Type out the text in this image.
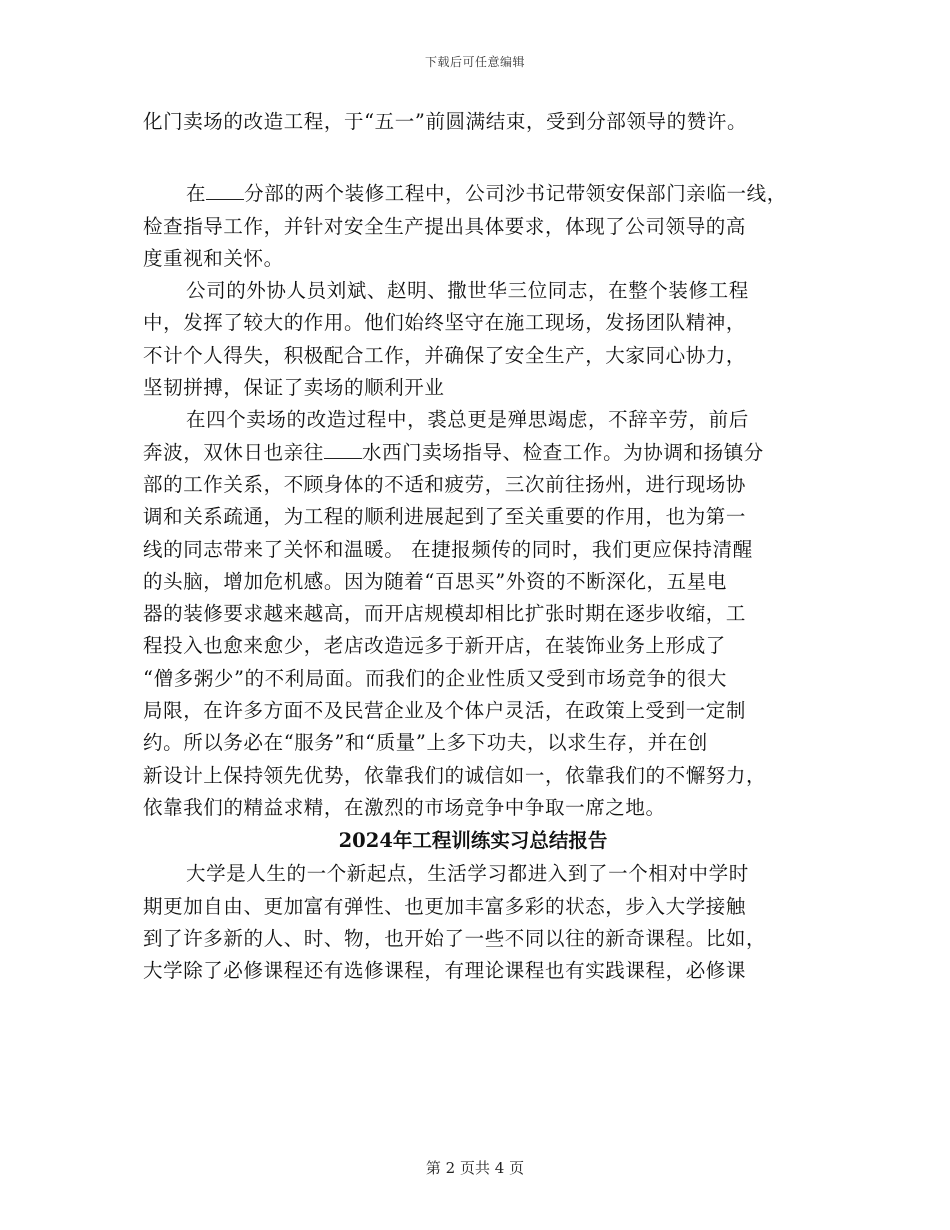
下载后可任意编辑
化门卖场的改造工程，于“五一”前圆满结束，受到分部领导的赞许。
在 分部的两个装修工程中，公司沙书记带领安保部门亲临一线，
检查指导工作，并针对安全生产提出具体要求，体现了公司领导的高
度重视和关怀。
公司的外协人员刘斌、赵明、撒世华三位同志，在整个装修工程
中，发挥了较大的作用。他们始终坚守在施工现场，发扬团队精神，
不计个人得失，积极配合工作，并确保了安全生产，大家同心协力，
坚韧拼搏，保证了卖场的顺利开业
在四个卖场的改造过程中，裘总更是殚思竭虑，不辞辛劳，前后
奔波，双休日也亲往 水西门卖场指导、检查工作。为协调和扬镇分
部的工作关系，不顾身体的不适和疲劳，三次前往扬州，进行现场协
调和关系疏通，为工程的顺利进展起到了至关重要的作用，也为第一
线的同志带来了关怀和温暖。 在捷报频传的同时，我们更应保持清醒
的头脑，增加危机感。因为随着“百思买”外资的不断深化，五星电
器的装修要求越来越高，而开店规模却相比扩张时期在逐步收缩，工
程投入也愈来愈少，老店改造远多于新开店，在装饰业务上形成了
“僧多粥少”的不利局面。而我们的企业性质又受到市场竞争的很大
局限，在许多方面不及民营企业及个体户灵活，在政策上受到一定制
约。所以务必在“服务”和“质量”上多下功夫，以求生存，并在创
新设计上保持领先优势，依靠我们的诚信如一，依靠我们的不懈努力，
依靠我们的精益求精，在激烈的市场竞争中争取一席之地。
2024年工程训练实习总结报告
大学是人生的一个新起点，生活学习都进入到了一个相对中学时
期更加自由、更加富有弹性、也更加丰富多彩的状态，步入大学接触
到了许多新的人、时、物，也开始了一些不同以往的新奇课程。比如，
大学除了必修课程还有选修课程，有理论课程也有实践课程，必修课
第 2 页共 4 页
